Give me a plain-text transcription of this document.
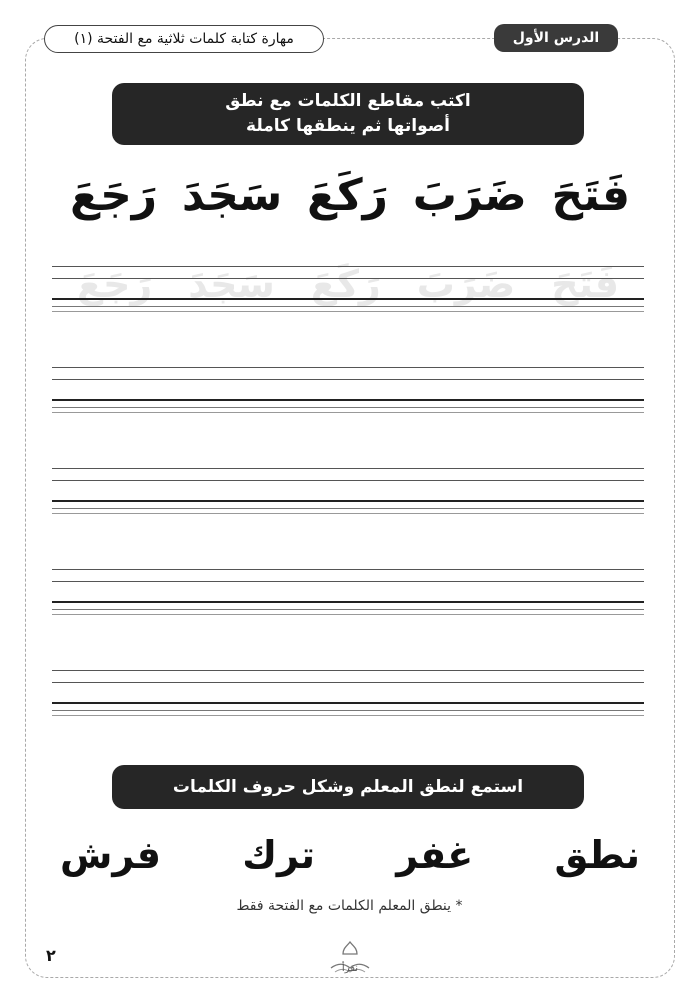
الدرس الأول
مهارة كتابة كلمات ثلاثية مع الفتحة (١)
اكتب مقاطع الكلمات مع نطق
أصواتها ثم ينطقها كاملة
رَجَعَ سَجَدَ رَكَعَ ضَرَبَ فَتَحَ
رَجَعَ سَجَدَ رَكَعَ ضَرَبَ فَتَحَ
استمع لنطق المعلم وشكل حروف الكلمات
فرش ترك غفر نطق
* ينطق المعلم الكلمات مع الفتحة فقط
٢
نقرأ
